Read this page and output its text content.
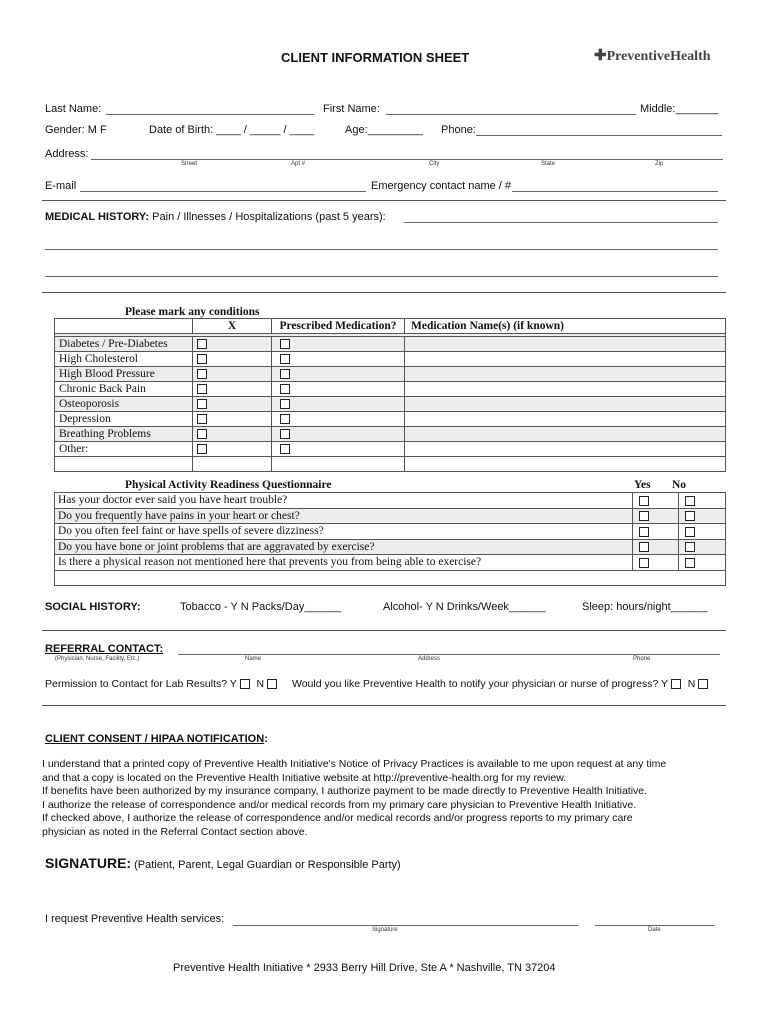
CLIENT INFORMATION SHEET	✚PreventiveHealth
Last Name:	First Name:	Middle:_______
Gender: M F	Date of Birth: ____ / _____ / ____	Age:_________ Phone:
Address:
Street	Apt #	City	State	Zip
E-mail	Emergency contact name / #
MEDICAL HISTORY: Pain / Illnesses / Hospitalizations (past 5 years):
Please mark any conditions
	X	Prescribed Medication?	Medication Name(s) (if known)

Diabetes / Pre-Diabetes			
High Cholesterol			
High Blood Pressure			
Chronic Back Pain			
Osteoporosis			
Depression			
Breathing Problems			
Other:			

Physical Activity Readiness Questionnaire	Yes No
Has your doctor ever said you have heart trouble?		
Do you frequently have pains in your heart or chest?		
Do you often feel faint or have spells of severe dizziness?		
Do you have bone or joint problems that are aggravated by exercise?		
Is there a physical reason not mentioned here that prevents you from being able to exercise?		

SOCIAL HISTORY:	Tobacco - Y N Packs/Day______	Alcohol- Y N Drinks/Week______	Sleep: hours/night______
REFERRAL CONTACT:
(Physician, Nurse, Facility, Etc.)	Name	Address	Phone
Permission to Contact for Lab Results? Y N	Would you like Preventive Health to notify your physician or nurse of progress? Y N
CLIENT CONSENT / HIPAA NOTIFICATION:
I understand that a printed copy of Preventive Health Initiative's Notice of Privacy Practices is available to me upon request at any time
and that a copy is located on the Preventive Health Initiative website at http://preventive-health.org for my review.
If benefits have been authorized by my insurance company, I authorize payment to be made directly to Preventive Health Initiative.
I authorize the release of correspondence and/or medical records from my primary care physician to Preventive Health Initiative.
If checked above, I authorize the release of correspondence and/or medical records and/or progress reports to my primary care
physician as noted in the Referral Contact section above.
SIGNATURE: (Patient, Parent, Legal Guardian or Responsible Party)
I request Preventive Health services:
Signature	Date
Preventive Health Initiative * 2933 Berry Hill Drive, Ste A * Nashville, TN 37204
